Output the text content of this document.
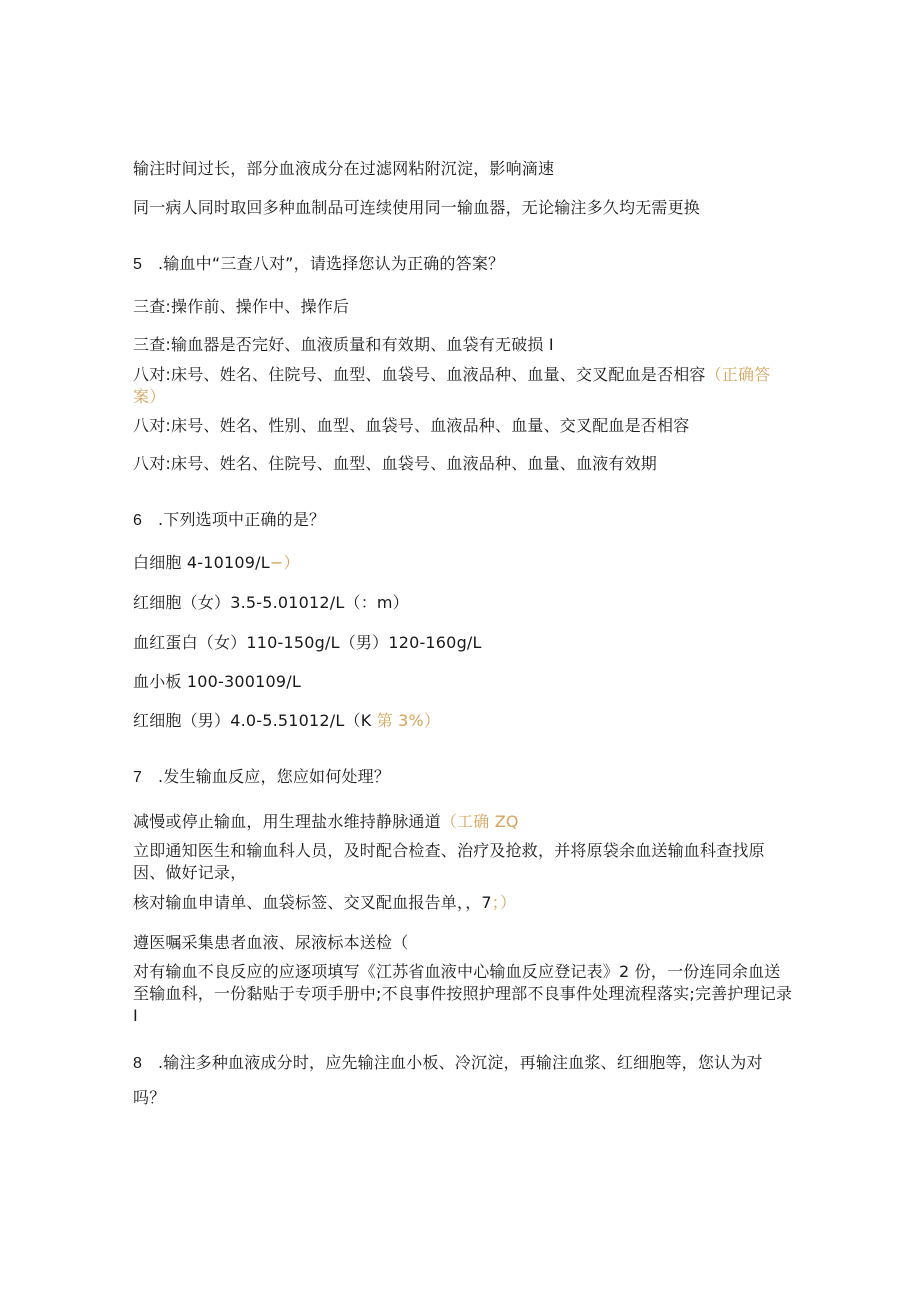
输注时间过长，部分血液成分在过滤网粘附沉淀，影响滴速
同一病人同时取回多种血制品可连续使用同一输血器，无论输注多久均无需更换
5 .输血中“三查八对”，请选择您认为正确的答案？
三查:操作前、操作中、操作后
三查:输血器是否完好、血液质量和有效期、血袋有无破损 I
八对:床号、姓名、住院号、血型、血袋号、血液品种、血量、交叉配血是否相容（正确答案）
八对:床号、姓名、性别、血型、血袋号、血液品种、血量、交叉配血是否相容
八对:床号、姓名、住院号、血型、血袋号、血液品种、血量、血液有效期
6 .下列选项中正确的是？
白细胞 4-10109/L−）
红细胞（女）3.5-5.01012/L（：m）
血红蛋白（女）110-150g/L（男）120-160g/L
血小板 100-300109/L
红细胞（男）4.0-5.51012/L（K 第 3%）
7 .发生输血反应，您应如何处理？
减慢或停止输血，用生理盐水维持静脉通道（工确 ZQ
立即通知医生和输血科人员，及时配合检查、治疗及抢救，并将原袋余血送输血科查找原因、做好记录，
核对输血申请单、血袋标签、交叉配血报告单，，7；）
遵医嘱采集患者血液、尿液标本送检（
对有输血不良反应的应逐项填写《江苏省血液中心输血反应登记表》2 份，一份连同余血送至输血科，一份黏贴于专项手册中;不良事件按照护理部不良事件处理流程落实;完善护理记录 I
8 .输注多种血液成分时，应先输注血小板、冷沉淀，再输注血浆、红细胞等，您认为对吗？
